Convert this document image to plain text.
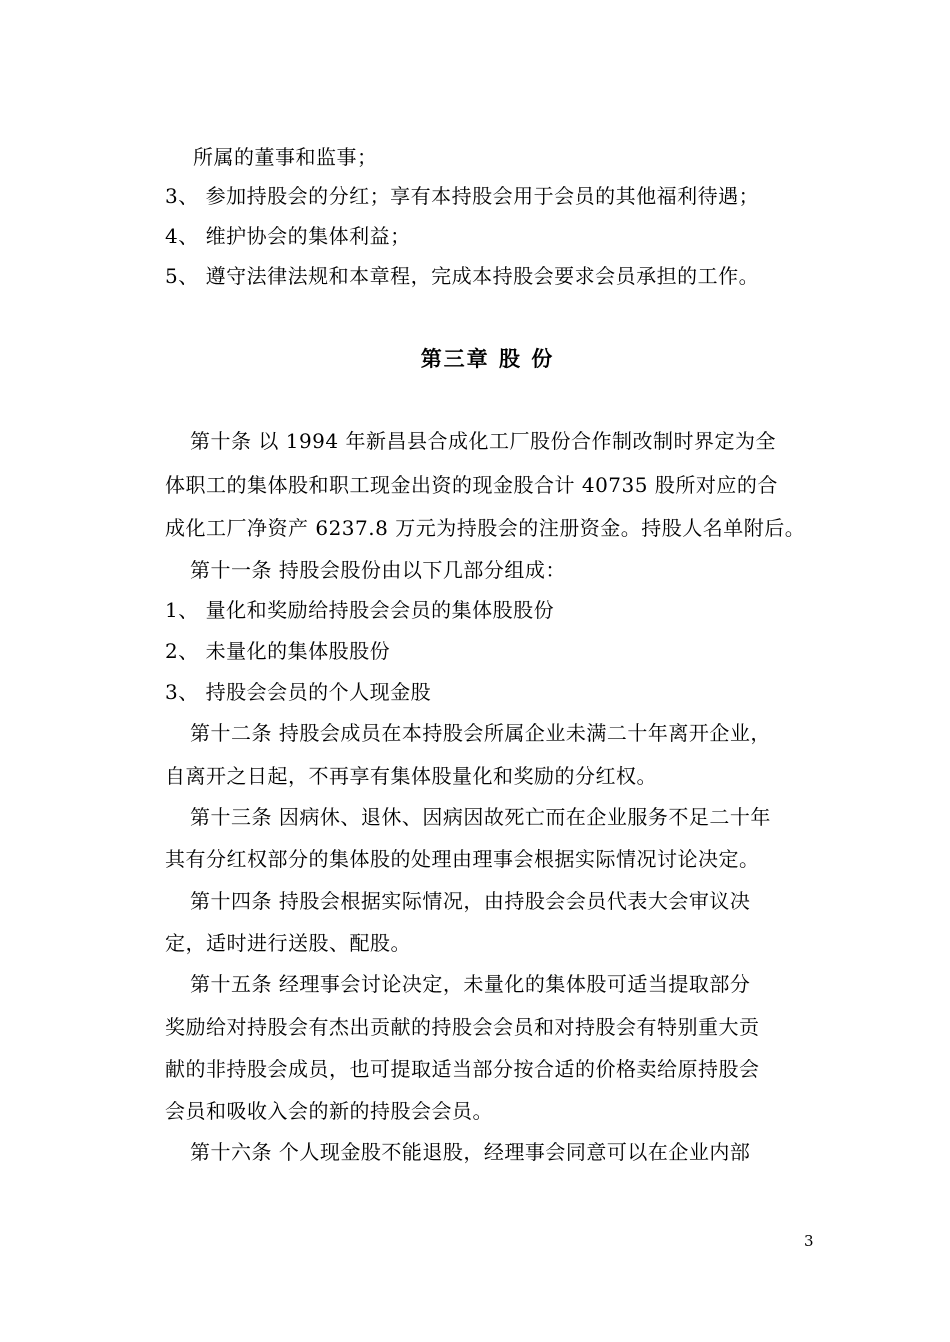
所属的董事和监事；
3、 参加持股会的分红；享有本持股会用于会员的其他福利待遇；
4、 维护协会的集体利益；
5、 遵守法律法规和本章程，完成本持股会要求会员承担的工作。
第三章 股 份
第十条 以 1994 年新昌县合成化工厂股份合作制改制时界定为全
体职工的集体股和职工现金出资的现金股合计 40735 股所对应的合
成化工厂净资产 6237.8 万元为持股会的注册资金。持股人名单附后。
第十一条 持股会股份由以下几部分组成：
1、 量化和奖励给持股会会员的集体股股份
2、 未量化的集体股股份
3、 持股会会员的个人现金股
第十二条 持股会成员在本持股会所属企业未满二十年离开企业，
自离开之日起，不再享有集体股量化和奖励的分红权。
第十三条 因病休、退休、因病因故死亡而在企业服务不足二十年
其有分红权部分的集体股的处理由理事会根据实际情况讨论决定。
第十四条 持股会根据实际情况，由持股会会员代表大会审议决
定，适时进行送股、配股。
第十五条 经理事会讨论决定，未量化的集体股可适当提取部分
奖励给对持股会有杰出贡献的持股会会员和对持股会有特别重大贡
献的非持股会成员，也可提取适当部分按合适的价格卖给原持股会
会员和吸收入会的新的持股会会员。
第十六条 个人现金股不能退股，经理事会同意可以在企业内部
3
